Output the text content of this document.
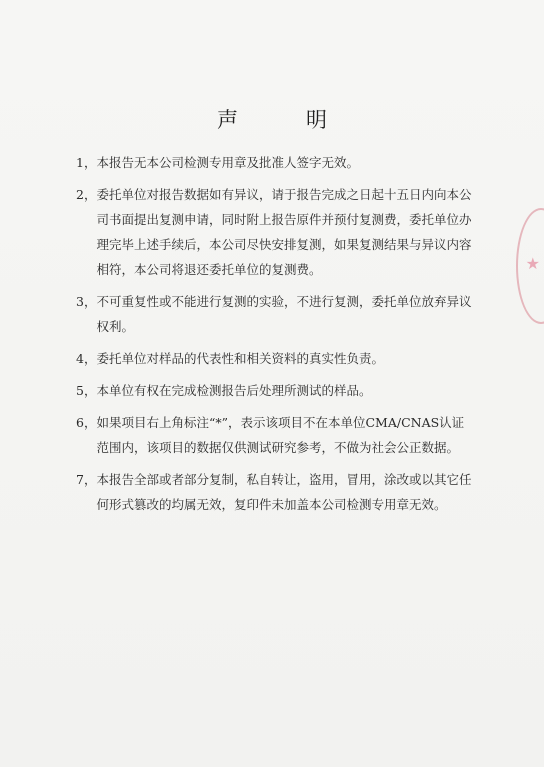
声明
1， 本报告无本公司检测专用章及批准人签字无效。
2， 委托单位对报告数据如有异议，请于报告完成之日起十五日内向本公司书面提出复测申请，同时附上报告原件并预付复测费，委托单位办理完毕上述手续后，本公司尽快安排复测，如果复测结果与异议内容相符，本公司将退还委托单位的复测费。
3， 不可重复性或不能进行复测的实验，不进行复测，委托单位放弃异议权利。
4， 委托单位对样品的代表性和相关资料的真实性负责。
5， 本单位有权在完成检测报告后处理所测试的样品。
6， 如果项目右上角标注“*”，表示该项目不在本单位CMA/CNAS认证范围内，该项目的数据仅供测试研究参考，不做为社会公正数据。
7， 本报告全部或者部分复制，私自转让，盗用，冒用，涂改或以其它任何形式篡改的均属无效，复印件未加盖本公司检测专用章无效。
★
